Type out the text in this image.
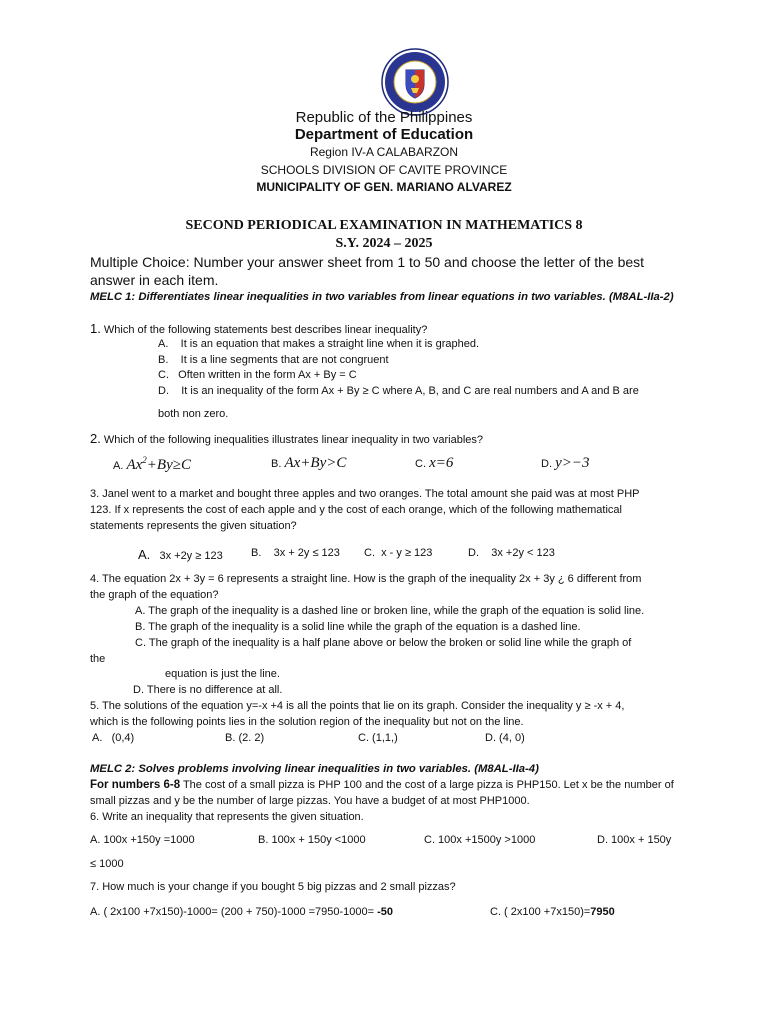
Republic of the Philippines
Department of Education
Region IV-A CALABARZON
SCHOOLS DIVISION OF CAVITE PROVINCE
MUNICIPALITY OF GEN. MARIANO ALVAREZ
SECOND PERIODICAL EXAMINATION IN MATHEMATICS 8
S.Y. 2024 – 2025
Multiple Choice: Number your answer sheet from 1 to 50 and choose the letter of the best
answer in each item.
MELC 1: Differentiates linear inequalities in two variables from linear equations in two variables. (M8AL-IIa-2)
1. Which of the following statements best describes linear inequality?
A. It is an equation that makes a straight line when it is graphed.
B. It is a line segments that are not congruent
C. Often written in the form Ax + By = C
D. It is an inequality of the form Ax + By ≥ C where A, B, and C are real numbers and A and B are
both non zero.
2. Which of the following inequalities illustrates linear inequality in two variables?
A. $Ax^2+By\ge C$	B. Ax+By>C	C. x=6	D. y>−3
3. Janel went to a market and bought three apples and two oranges. The total amount she paid was at most PHP
123. If x represents the cost of each apple and y the cost of each orange, which of the following mathematical
statements represents the given situation?
A. 3x +2y ≥ 123	B. 3x + 2y ≤ 123 C. x - y ≥ 123	D. 3x +2y < 123
4. The equation 2x + 3y = 6 represents a straight line. How is the graph of the inequality 2x + 3y ¿ 6 different from
the graph of the equation?
A. The graph of the inequality is a dashed line or broken line, while the graph of the equation is solid line.
B. The graph of the inequality is a solid line while the graph of the equation is a dashed line.
C. The graph of the inequality is a half plane above or below the broken or solid line while the graph of
the
equation is just the line.
D. There is no difference at all.
5. The solutions of the equation y=-x +4 is all the points that lie on its graph. Consider the inequality y ≥ -x + 4,
which is the following points lies in the solution region of the inequality but not on the line.
A. (0,4)	B. (2. 2)	C. (1,1,)	D. (4, 0)
MELC 2: Solves problems involving linear inequalities in two variables. (M8AL-IIa-4)
For numbers 6-8 The cost of a small pizza is PHP 100 and the cost of a large pizza is PHP150. Let x be the number of
small pizzas and y be the number of large pizzas. You have a budget of at most PHP1000.
6. Write an inequality that represents the given situation.
A. 100x +150y =1000	B. 100x + 150y <1000	C. 100x +1500y >1000	D. 100x + 150y
≤ 1000
7. How much is your change if you bought 5 big pizzas and 2 small pizzas?
A. ( 2x100 +7x150)-1000= (200 + 750)-1000 =7950-1000= -50	C. ( 2x100 +7x150)=7950
